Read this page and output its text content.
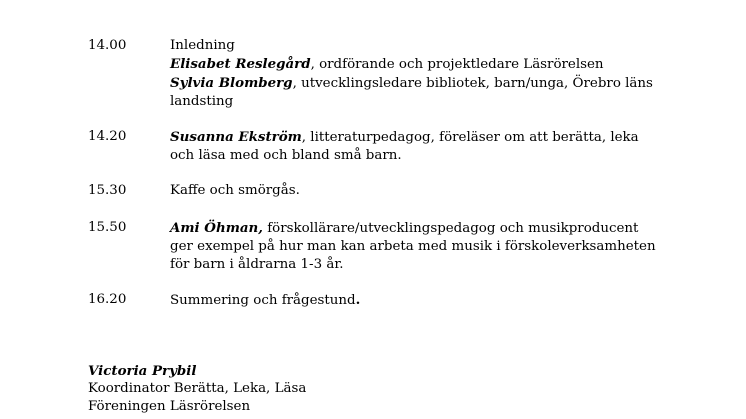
14.00	Inledning
Elisabet Reslegård, ordförande och projektledare Läsrörelsen
Sylvia Blomberg, utvecklingsledare bibliotek, barn/unga, Örebro läns
landsting
14.20	Susanna Ekström, litteraturpedagog, föreläser om att berätta, leka
och läsa med och bland små barn.
15.30	Kaffe och smörgås.
15.50	Ami Öhman, förskollärare/utvecklingspedagog och musikproducent
ger exempel på hur man kan arbeta med musik i förskoleverksamheten
för barn i åldrarna 1-3 år.
16.20	Summering och frågestund.
Victoria Prybil
Koordinator Berätta, Leka, Läsa
Föreningen Läsrörelsen
